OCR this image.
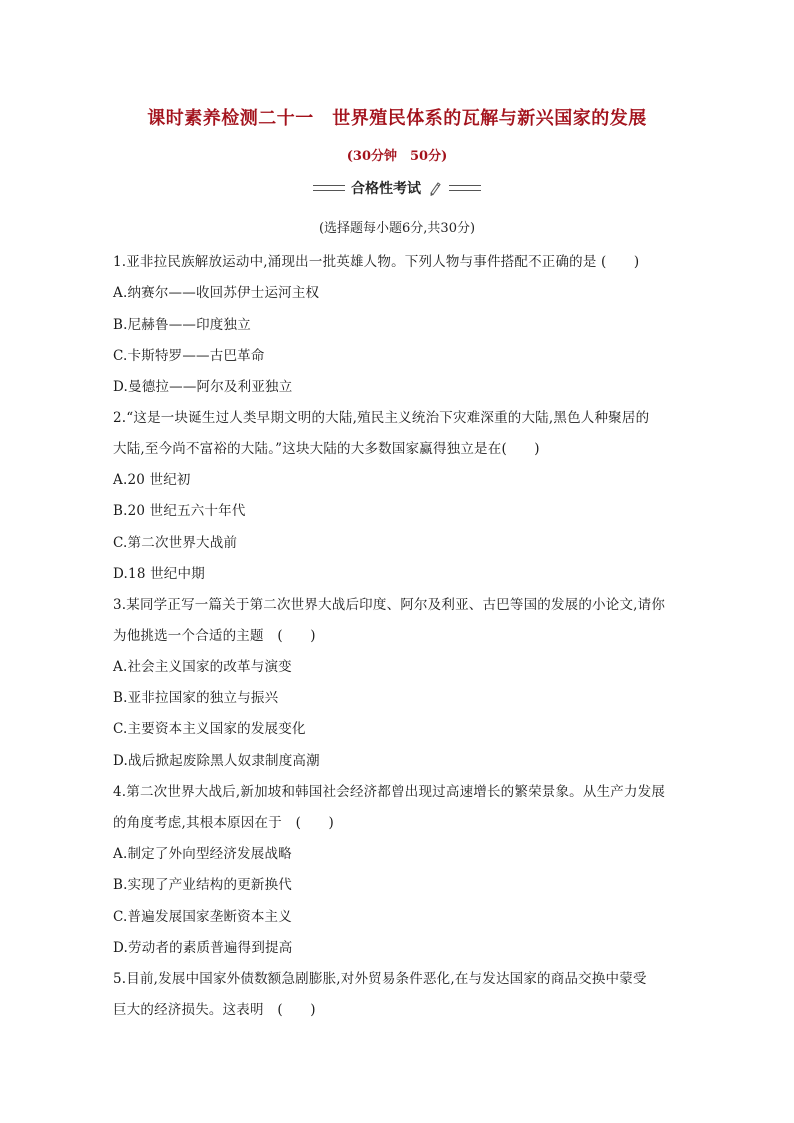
课时素养检测二十一　世界殖民体系的瓦解与新兴国家的发展
(30分钟　50分)
合格性考试
(选择题每小题6分,共30分)
1.亚非拉民族解放运动中,涌现出一批英雄人物。下列人物与事件搭配不正确的是 (　　)
A.纳赛尔——收回苏伊士运河主权
B.尼赫鲁——印度独立
C.卡斯特罗——古巴革命
D.曼德拉——阿尔及利亚独立
2.“这是一块诞生过人类早期文明的大陆,殖民主义统治下灾难深重的大陆,黑色人种聚居的
大陆,至今尚不富裕的大陆。”这块大陆的大多数国家赢得独立是在(　　)
A.20 世纪初
B.20 世纪五六十年代
C.第二次世界大战前
D.18 世纪中期
3.某同学正写一篇关于第二次世界大战后印度、阿尔及利亚、古巴等国的发展的小论文,请你
为他挑选一个合适的主题　(　　)
A.社会主义国家的改革与演变
B.亚非拉国家的独立与振兴
C.主要资本主义国家的发展变化
D.战后掀起废除黑人奴隶制度高潮
4.第二次世界大战后,新加坡和韩国社会经济都曾出现过高速增长的繁荣景象。从生产力发展
的角度考虑,其根本原因在于　(　　)
A.制定了外向型经济发展战略
B.实现了产业结构的更新换代
C.普遍发展国家垄断资本主义
D.劳动者的素质普遍得到提高
5.目前,发展中国家外债数额急剧膨胀,对外贸易条件恶化,在与发达国家的商品交换中蒙受
巨大的经济损失。这表明　(　　)
